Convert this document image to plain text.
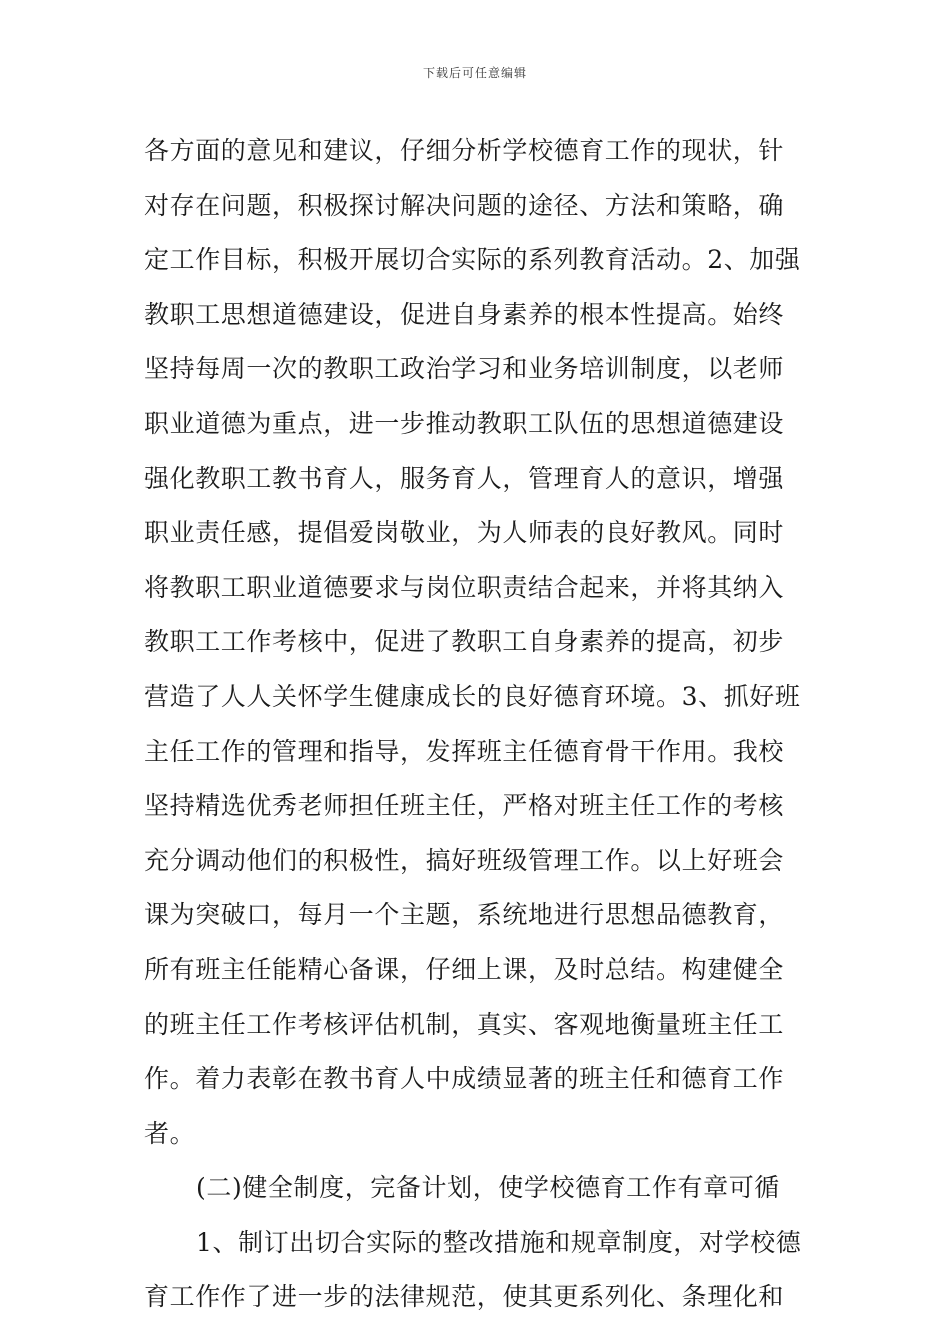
下载后可任意编辑
各方面的意见和建议，仔细分析学校德育工作的现状，针
对存在问题，积极探讨解决问题的途径、方法和策略，确
定工作目标，积极开展切合实际的系列教育活动。2、加强
教职工思想道德建设，促进自身素养的根本性提高。始终
坚持每周一次的教职工政治学习和业务培训制度，以老师
职业道德为重点，进一步推动教职工队伍的思想道德建设
强化教职工教书育人，服务育人，管理育人的意识，增强
职业责任感，提倡爱岗敬业，为人师表的良好教风。同时
将教职工职业道德要求与岗位职责结合起来，并将其纳入
教职工工作考核中，促进了教职工自身素养的提高，初步
营造了人人关怀学生健康成长的良好德育环境。3、抓好班
主任工作的管理和指导，发挥班主任德育骨干作用。我校
坚持精选优秀老师担任班主任，严格对班主任工作的考核
充分调动他们的积极性，搞好班级管理工作。以上好班会
课为突破口，每月一个主题，系统地进行思想品德教育，
所有班主任能精心备课，仔细上课，及时总结。构建健全
的班主任工作考核评估机制，真实、客观地衡量班主任工
作。着力表彰在教书育人中成绩显著的班主任和德育工作
者。
(二)健全制度，完备计划，使学校德育工作有章可循
1、制订出切合实际的整改措施和规章制度，对学校德
育工作作了进一步的法律规范，使其更系列化、条理化和
